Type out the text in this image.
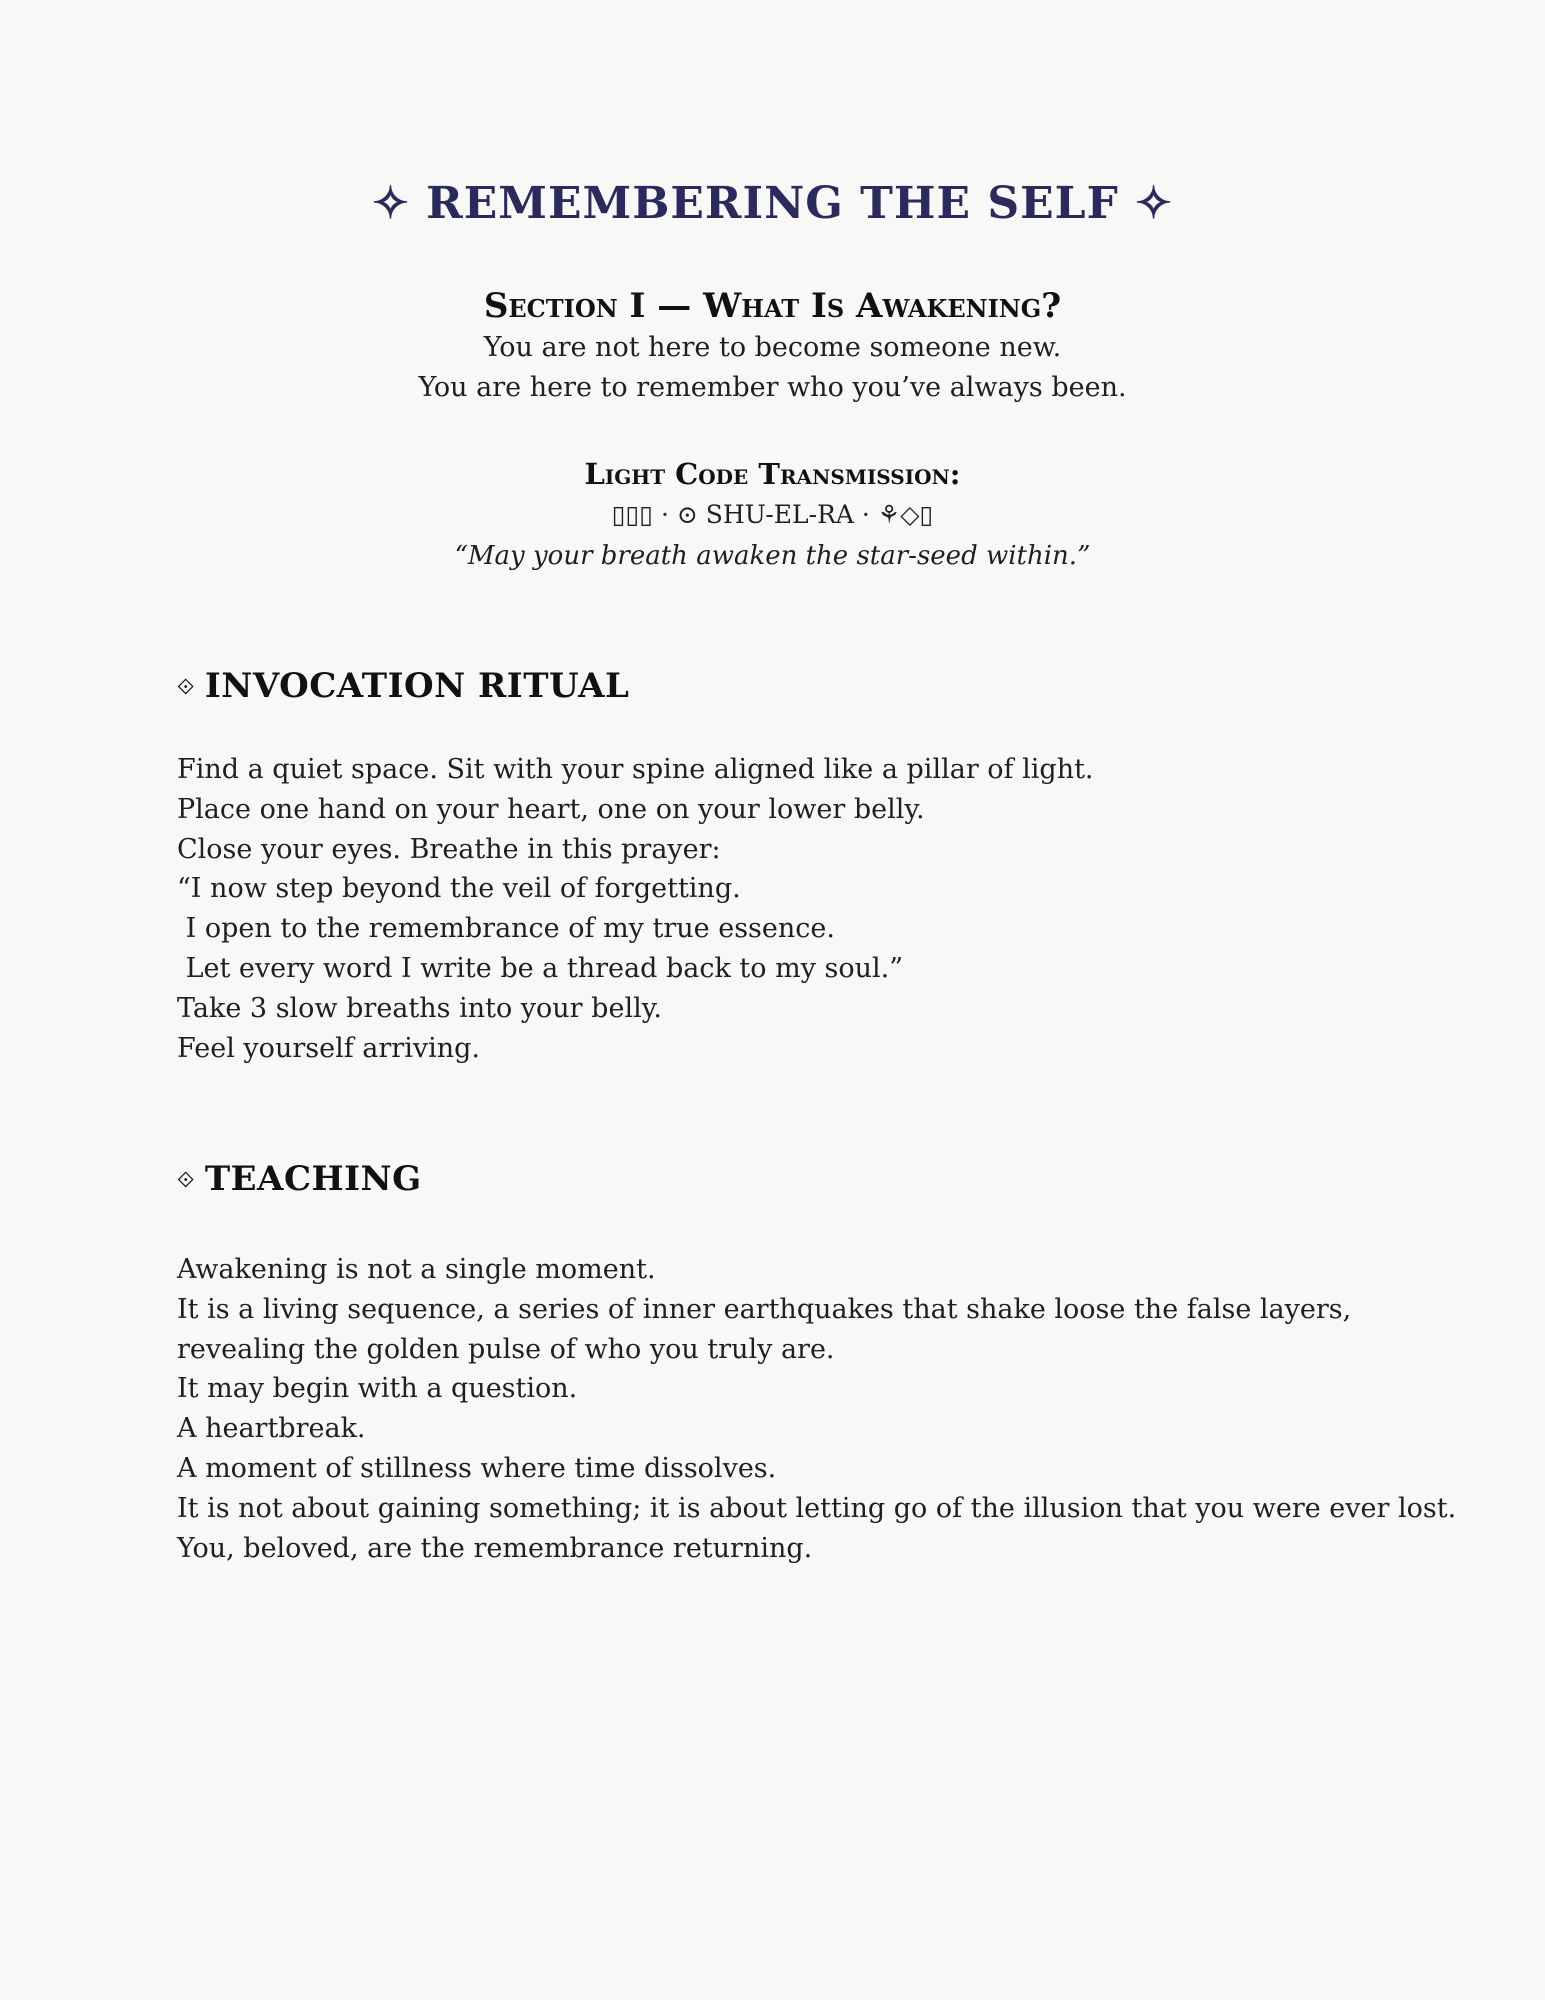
✧ REMEMBERING THE SELF ✧
Section I — What Is Awakening?
You are not here to become someone new.
You are here to remember who you’ve always been.
Light Code Transmission:
▯▯▯ · ⊙ SHU-EL-RA · ⚘◇▯
“May your breath awaken the star-seed within.”
⟐ INVOCATION RITUAL
Find a quiet space. Sit with your spine aligned like a pillar of light.
Place one hand on your heart, one on your lower belly.
Close your eyes. Breathe in this prayer:
“I now step beyond the veil of forgetting.
I open to the remembrance of my true essence.
Let every word I write be a thread back to my soul.”
Take 3 slow breaths into your belly.
Feel yourself arriving.
⟐ TEACHING
Awakening is not a single moment.
It is a living sequence, a series of inner earthquakes that shake loose the false layers,
revealing the golden pulse of who you truly are.
It may begin with a question.
A heartbreak.
A moment of stillness where time dissolves.
It is not about gaining something; it is about letting go of the illusion that you were ever lost.
You, beloved, are the remembrance returning.
